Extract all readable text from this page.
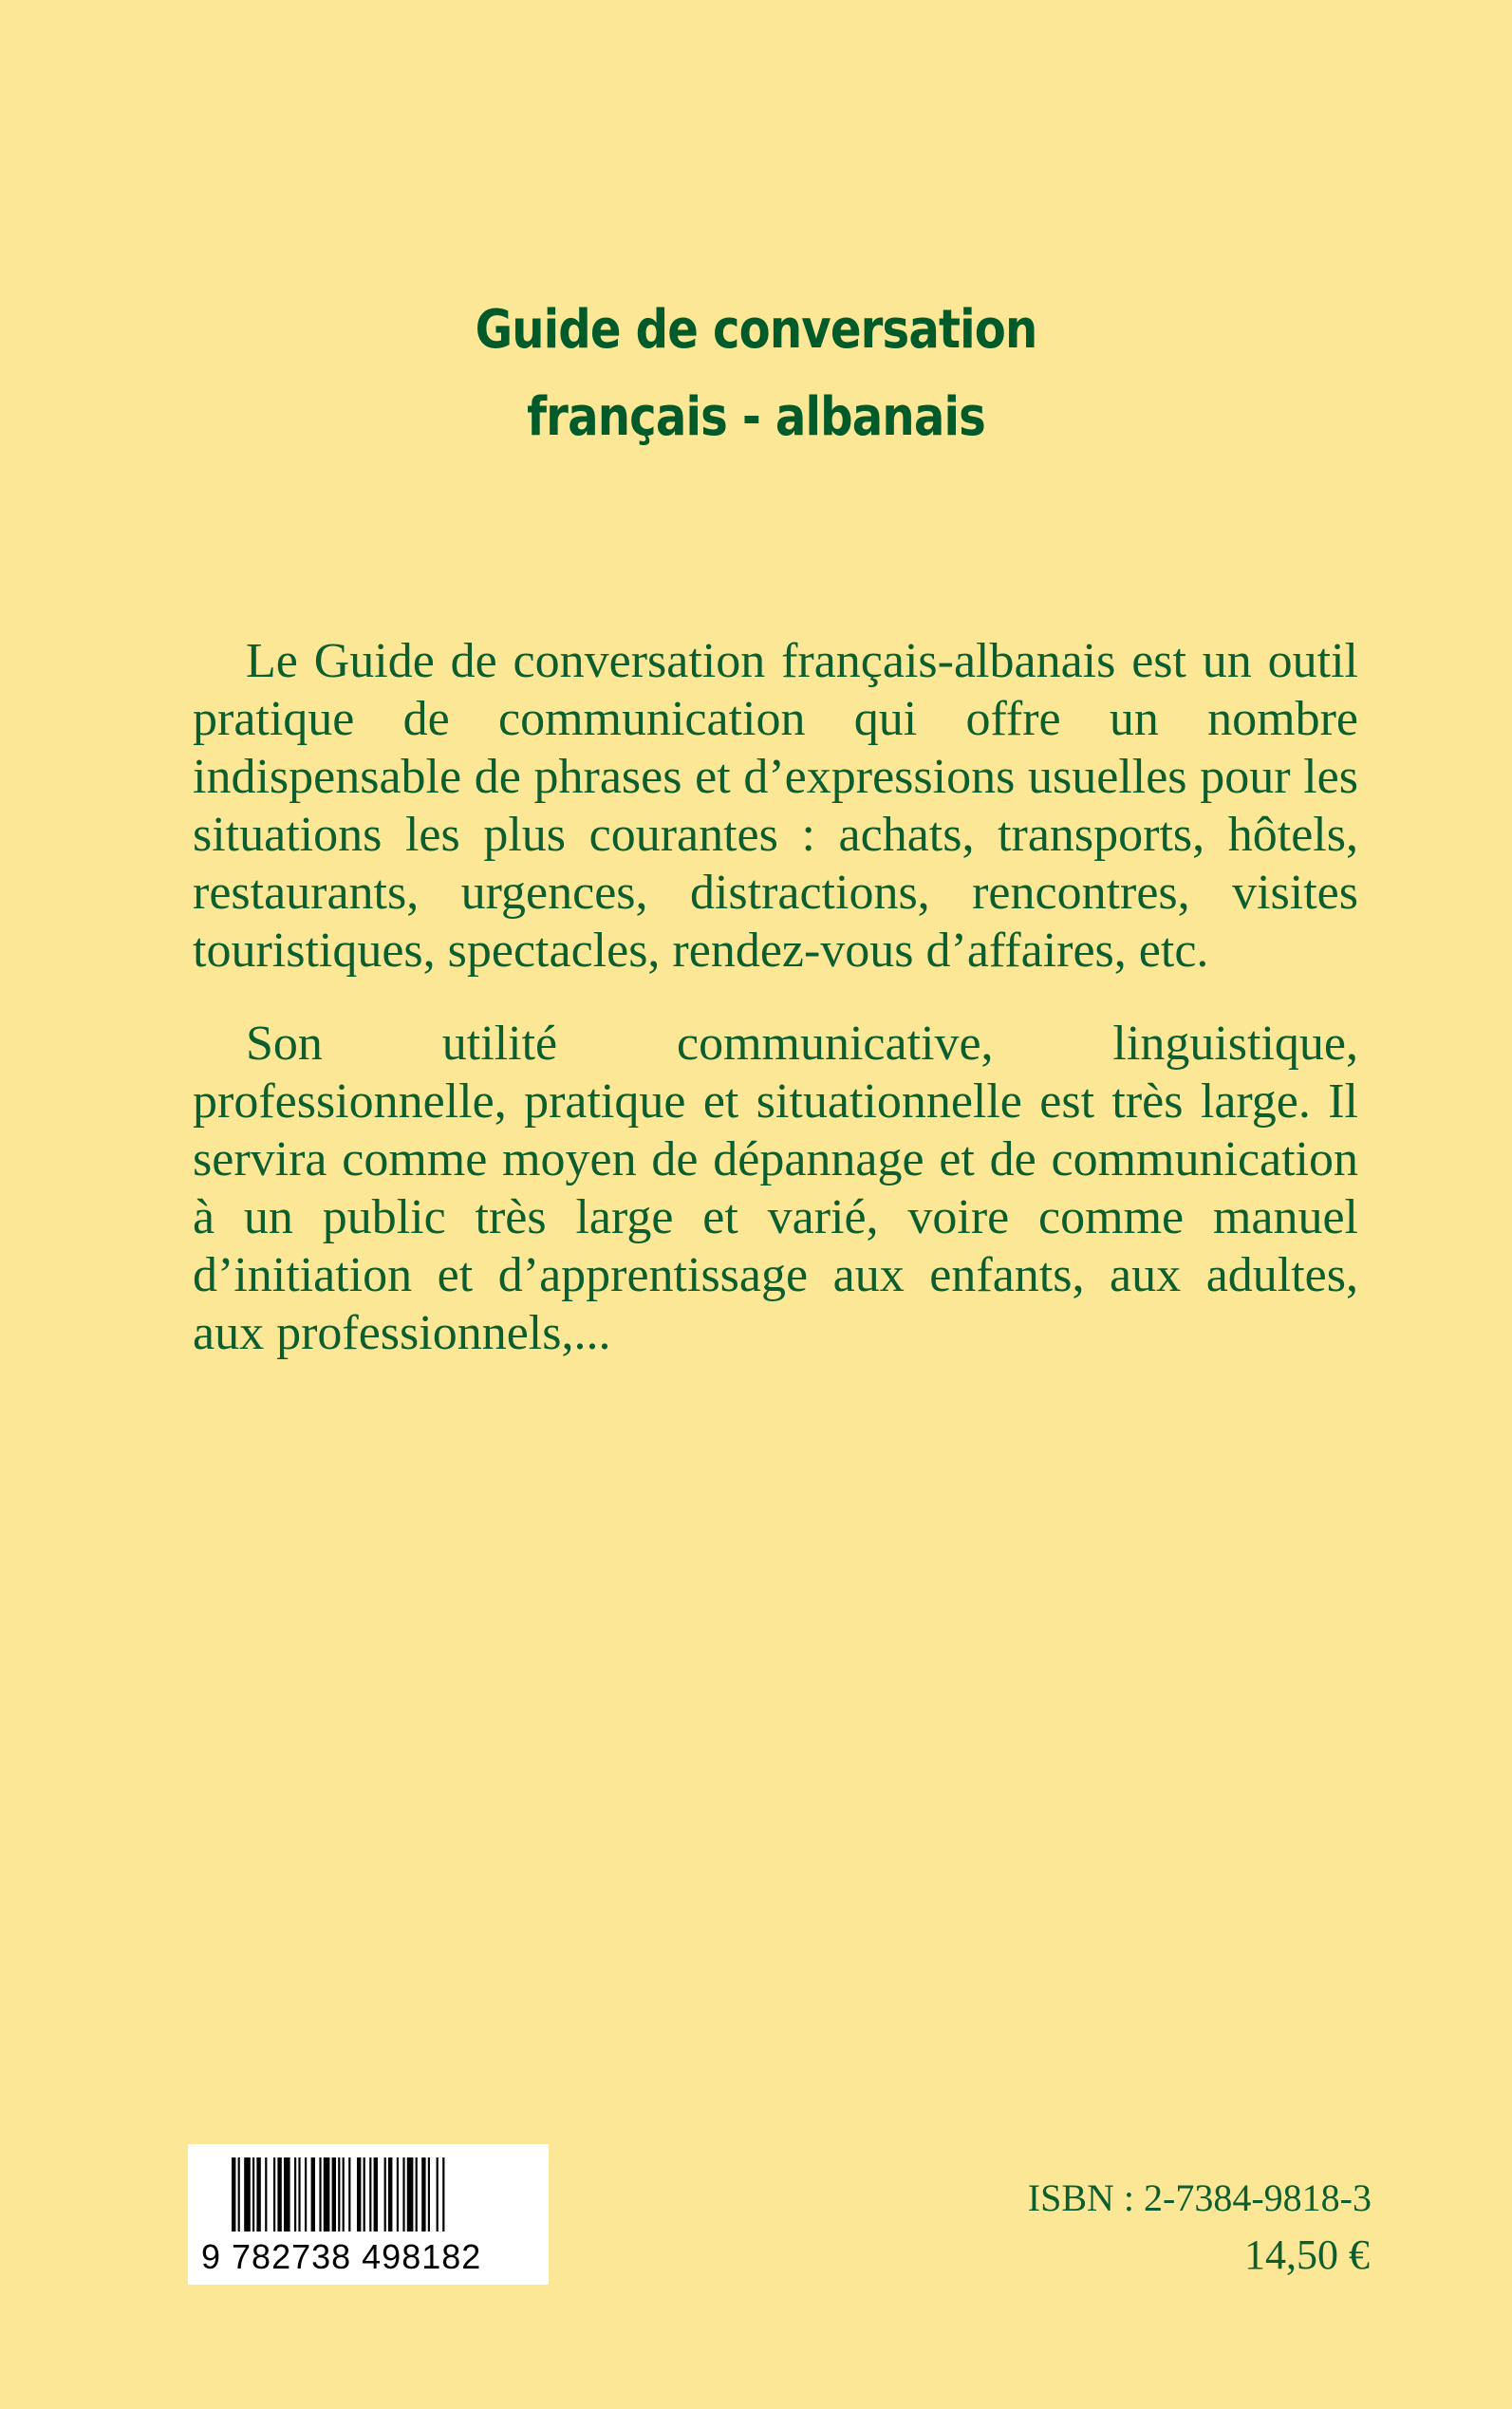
Guide de conversation
français - albanais

Le Guide de conversation français-albanais est un outil pratique de communication qui offre un nombre indispensable de phrases et d’expressions usuelles pour les situations les plus courantes : achats, transports, hôtels, restaurants, urgences, distractions, rencontres, visites touristiques, spectacles, rendez-vous d’affaires, etc.

Son utilité communicative, linguistique, professionnelle, pratique et situationnelle est très large. Il servira comme moyen de dépannage et de communication à un public très large et varié, voire comme manuel d’initiation et d’apprentissage aux enfants, aux adultes, aux professionnels,...

9 782738 498182
ISBN : 2-7384-9818-3
14,50 €
